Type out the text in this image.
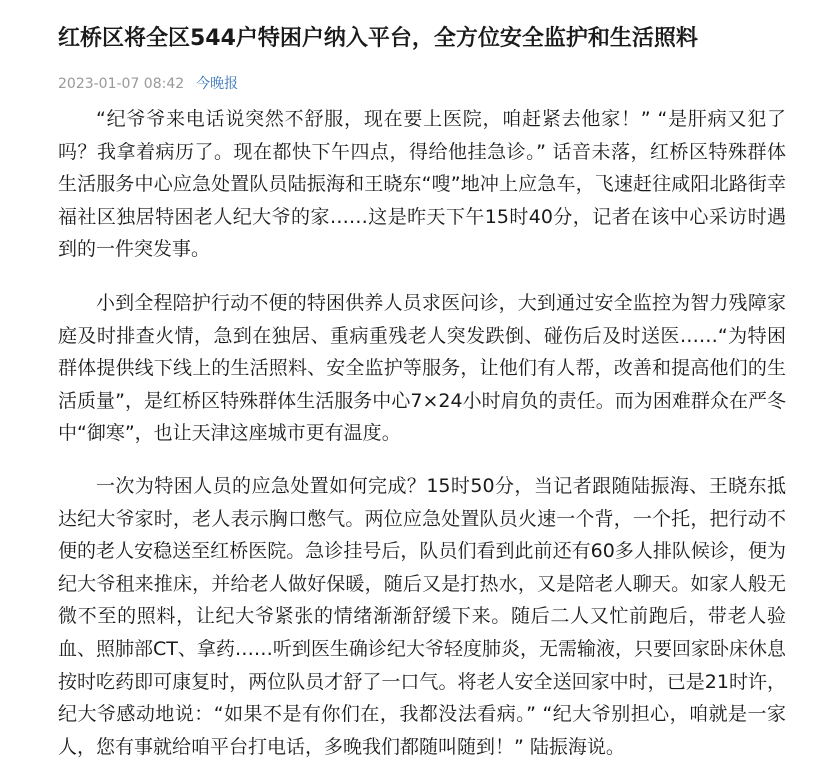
红桥区将全区544户特困户纳入平台，全方位安全监护和生活照料
2023-01-07 08:42 今晚报

“纪爷爷来电话说突然不舒服，现在要上医院，咱赶紧去他家！” “是肝病又犯了吗？我拿着病历了。现在都快下午四点，得给他挂急诊。” 话音未落，红桥区特殊群体生活服务中心应急处置队员陆振海和王晓东“嗖”地冲上应急车，飞速赶往咸阳北路街幸福社区独居特困老人纪大爷的家……这是昨天下午15时40分，记者在该中心采访时遇到的一件突发事。

小到全程陪护行动不便的特困供养人员求医问诊，大到通过安全监控为智力残障家庭及时排查火情，急到在独居、重病重残老人突发跌倒、碰伤后及时送医……“为特困群体提供线下线上的生活照料、安全监护等服务，让他们有人帮，改善和提高他们的生活质量”，是红桥区特殊群体生活服务中心7×24小时肩负的责任。而为困难群众在严冬中“御寒”，也让天津这座城市更有温度。

一次为特困人员的应急处置如何完成？15时50分，当记者跟随陆振海、王晓东抵达纪大爷家时，老人表示胸口憋气。两位应急处置队员火速一个背，一个托，把行动不便的老人安稳送至红桥医院。急诊挂号后，队员们看到此前还有60多人排队候诊，便为纪大爷租来推床，并给老人做好保暖，随后又是打热水，又是陪老人聊天。如家人般无微不至的照料，让纪大爷紧张的情绪渐渐舒缓下来。随后二人又忙前跑后，带老人验血、照肺部CT、拿药……听到医生确诊纪大爷轻度肺炎，无需输液，只要回家卧床休息按时吃药即可康复时，两位队员才舒了一口气。将老人安全送回家中时，已是21时许，纪大爷感动地说：“如果不是有你们在，我都没法看病。” “纪大爷别担心，咱就是一家人，您有事就给咱平台打电话，多晚我们都随叫随到！” 陆振海说。
